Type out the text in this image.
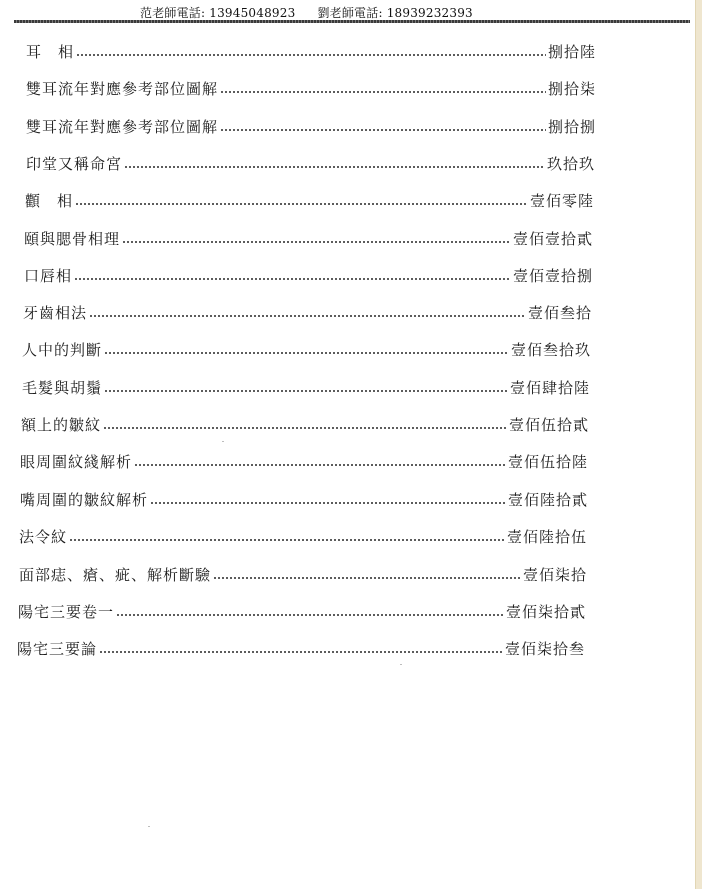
范老師電話: 13945048923 劉老師電話: 18939232393
耳　相	捌拾陸
雙耳流年對應參考部位圖解	捌拾柒
雙耳流年對應參考部位圖解	捌拾捌
印堂又稱命宮	玖拾玖
顴　相	壹佰零陸
頤與腮骨相理	壹佰壹拾貳
口唇相	壹佰壹拾捌
牙齒相法	壹佰叁拾
人中的判斷	壹佰叁拾玖
毛髮與胡鬚	壹佰肆拾陸
額上的皺紋	壹佰伍拾貳
眼周圍紋綫解析	壹佰伍拾陸
嘴周圍的皺紋解析	壹佰陸拾貳
法令紋	壹佰陸拾伍
面部痣、瘡、疵、解析斷驗	壹佰柒拾
陽宅三要卷一	壹佰柒拾貳
陽宅三要論	壹佰柒拾叁
